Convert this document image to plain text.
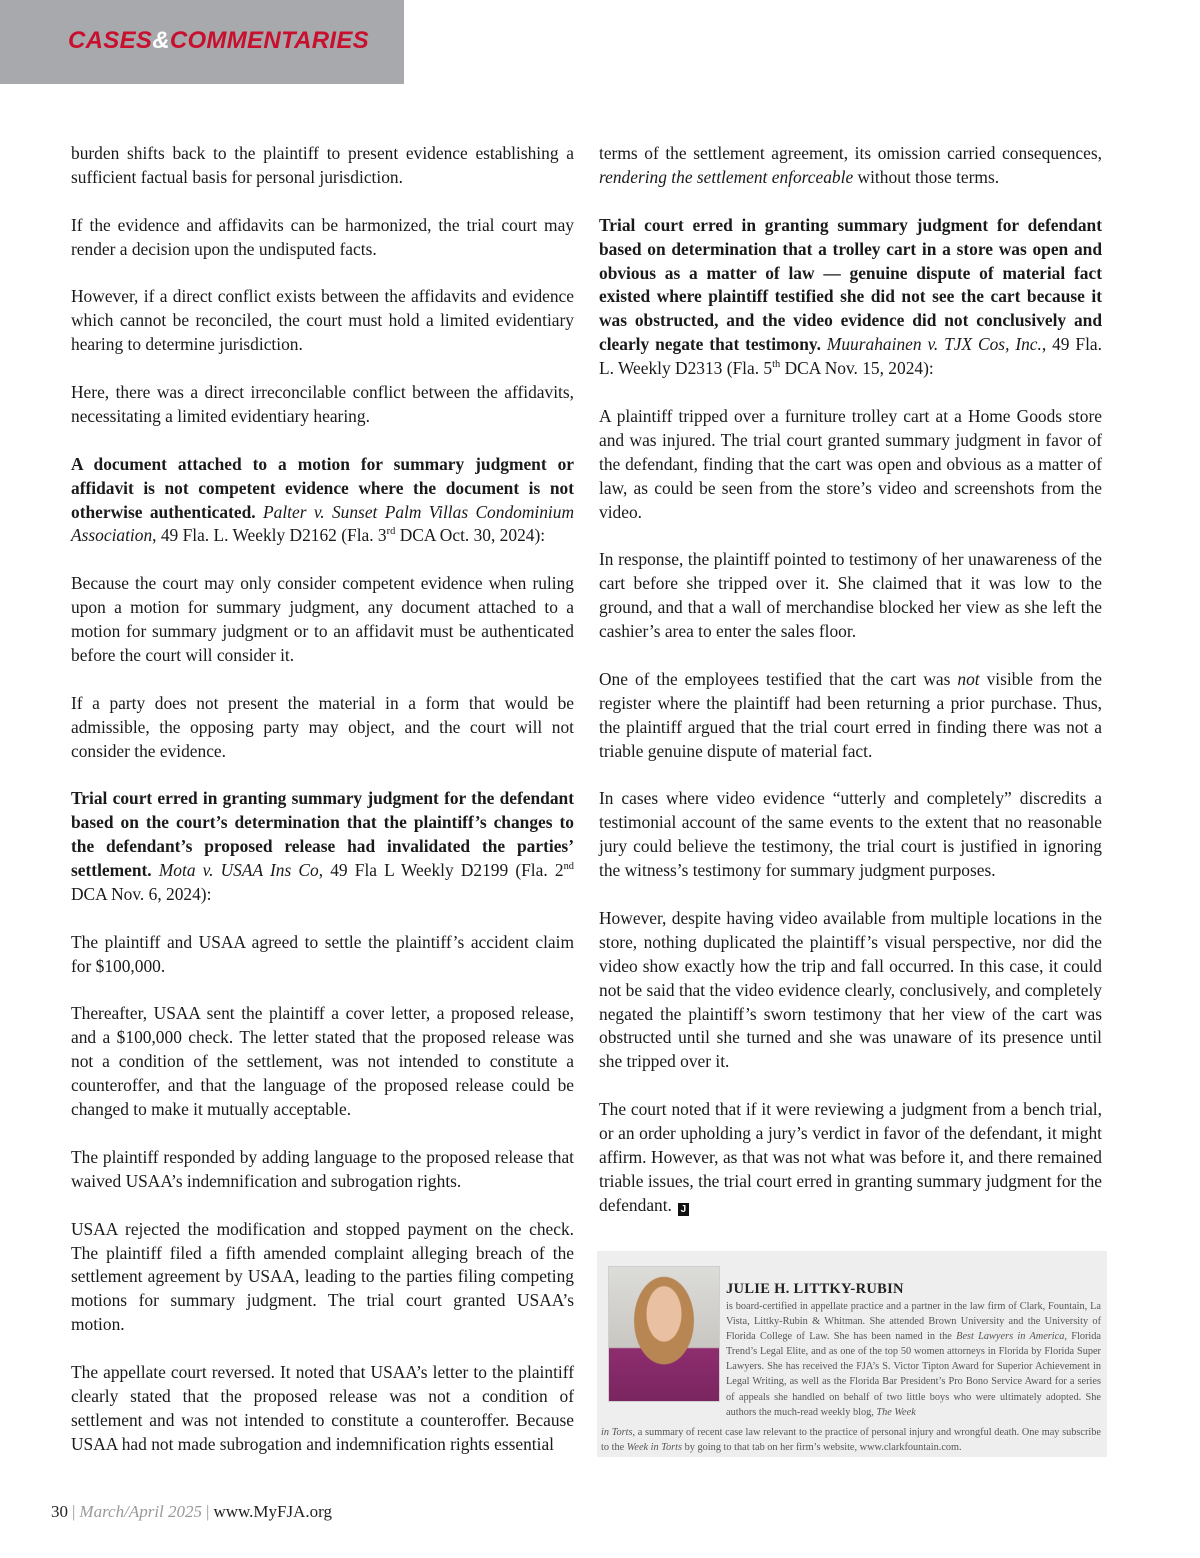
CASES&COMMENTARIES

burden shifts back to the plaintiff to present evidence establishing a sufficient factual basis for personal jurisdiction.

If the evidence and affidavits can be harmonized, the trial court may render a decision upon the undisputed facts.

However, if a direct conflict exists between the affidavits and evidence which cannot be reconciled, the court must hold a limited evidentiary hearing to determine jurisdiction.

Here, there was a direct irreconcilable conflict between the affidavits, necessitating a limited evidentiary hearing.

A document attached to a motion for summary judgment or affidavit is not competent evidence where the document is not otherwise authenticated. Palter v. Sunset Palm Villas Condominium Association, 49 Fla. L. Weekly D2162 (Fla. 3rd DCA Oct. 30, 2024):

Because the court may only consider competent evidence when ruling upon a motion for summary judgment, any document attached to a motion for summary judgment or to an affidavit must be authenticated before the court will consider it.

If a party does not present the material in a form that would be admissible, the opposing party may object, and the court will not consider the evidence.

Trial court erred in granting summary judgment for the defendant based on the court’s determination that the plaintiff’s changes to the defendant’s proposed release had invalidated the parties’ settlement. Mota v. USAA Ins Co, 49 Fla L Weekly D2199 (Fla. 2nd DCA Nov. 6, 2024):

The plaintiff and USAA agreed to settle the plaintiff’s accident claim for $100,000.

Thereafter, USAA sent the plaintiff a cover letter, a proposed release, and a $100,000 check. The letter stated that the proposed release was not a condition of the settlement, was not intended to constitute a counteroffer, and that the language of the proposed release could be changed to make it mutually acceptable.

The plaintiff responded by adding language to the proposed release that waived USAA’s indemnification and subrogation rights.

USAA rejected the modification and stopped payment on the check. The plaintiff filed a fifth amended complaint alleging breach of the settlement agreement by USAA, leading to the parties filing competing motions for summary judgment. The trial court granted USAA’s motion.

The appellate court reversed. It noted that USAA’s letter to the plaintiff clearly stated that the proposed release was not a condition of settlement and was not intended to constitute a counteroffer. Because USAA had not made subrogation and indemnification rights essential

terms of the settlement agreement, its omission carried consequences, rendering the settlement enforceable without those terms.

Trial court erred in granting summary judgment for defendant based on determination that a trolley cart in a store was open and obvious as a matter of law — genuine dispute of material fact existed where plaintiff testified she did not see the cart because it was obstructed, and the video evidence did not conclusively and clearly negate that testimony. Muurahainen v. TJX Cos, Inc., 49 Fla. L. Weekly D2313 (Fla. 5th DCA Nov. 15, 2024):

A plaintiff tripped over a furniture trolley cart at a Home Goods store and was injured. The trial court granted summary judgment in favor of the defendant, finding that the cart was open and obvious as a matter of law, as could be seen from the store’s video and screenshots from the video.

In response, the plaintiff pointed to testimony of her unawareness of the cart before she tripped over it. She claimed that it was low to the ground, and that a wall of merchandise blocked her view as she left the cashier’s area to enter the sales floor.

One of the employees testified that the cart was not visible from the register where the plaintiff had been returning a prior purchase. Thus, the plaintiff argued that the trial court erred in finding there was not a triable genuine dispute of material fact.

In cases where video evidence “utterly and completely” discredits a testimonial account of the same events to the extent that no reasonable jury could believe the testimony, the trial court is justified in ignoring the witness’s testimony for summary judgment purposes.

However, despite having video available from multiple locations in the store, nothing duplicated the plaintiff’s visual perspective, nor did the video show exactly how the trip and fall occurred. In this case, it could not be said that the video evidence clearly, conclusively, and completely negated the plaintiff’s sworn testimony that her view of the cart was obstructed until she turned and she was unaware of its presence until she tripped over it.

The court noted that if it were reviewing a judgment from a bench trial, or an order upholding a jury’s verdict in favor of the defendant, it might affirm. However, as that was not what was before it, and there remained triable issues, the trial court erred in granting summary judgment for the defendant. J

JULIE H. LITTKY-RUBIN

is board-certified in appellate practice and a partner in the law firm of Clark, Fountain, La Vista, Littky-Rubin & Whitman. She attended Brown University and the University of Florida College of Law. She has been named in the Best Lawyers in America, Florida Trend’s Legal Elite, and as one of the top 50 women attorneys in Florida by Florida Super Lawyers. She has received the FJA’s S. Victor Tipton Award for Superior Achievement in Legal Writing, as well as the Florida Bar President’s Pro Bono Service Award for a series of appeals she handled on behalf of two little boys who were ultimately adopted. She authors the much-read weekly blog, The Week

in Torts, a summary of recent case law relevant to the practice of personal injury and wrongful death. One may subscribe to the Week in Torts by going to that tab on her firm’s website, www.clarkfountain.com.

30 | March/April 2025 | www.MyFJA.org
